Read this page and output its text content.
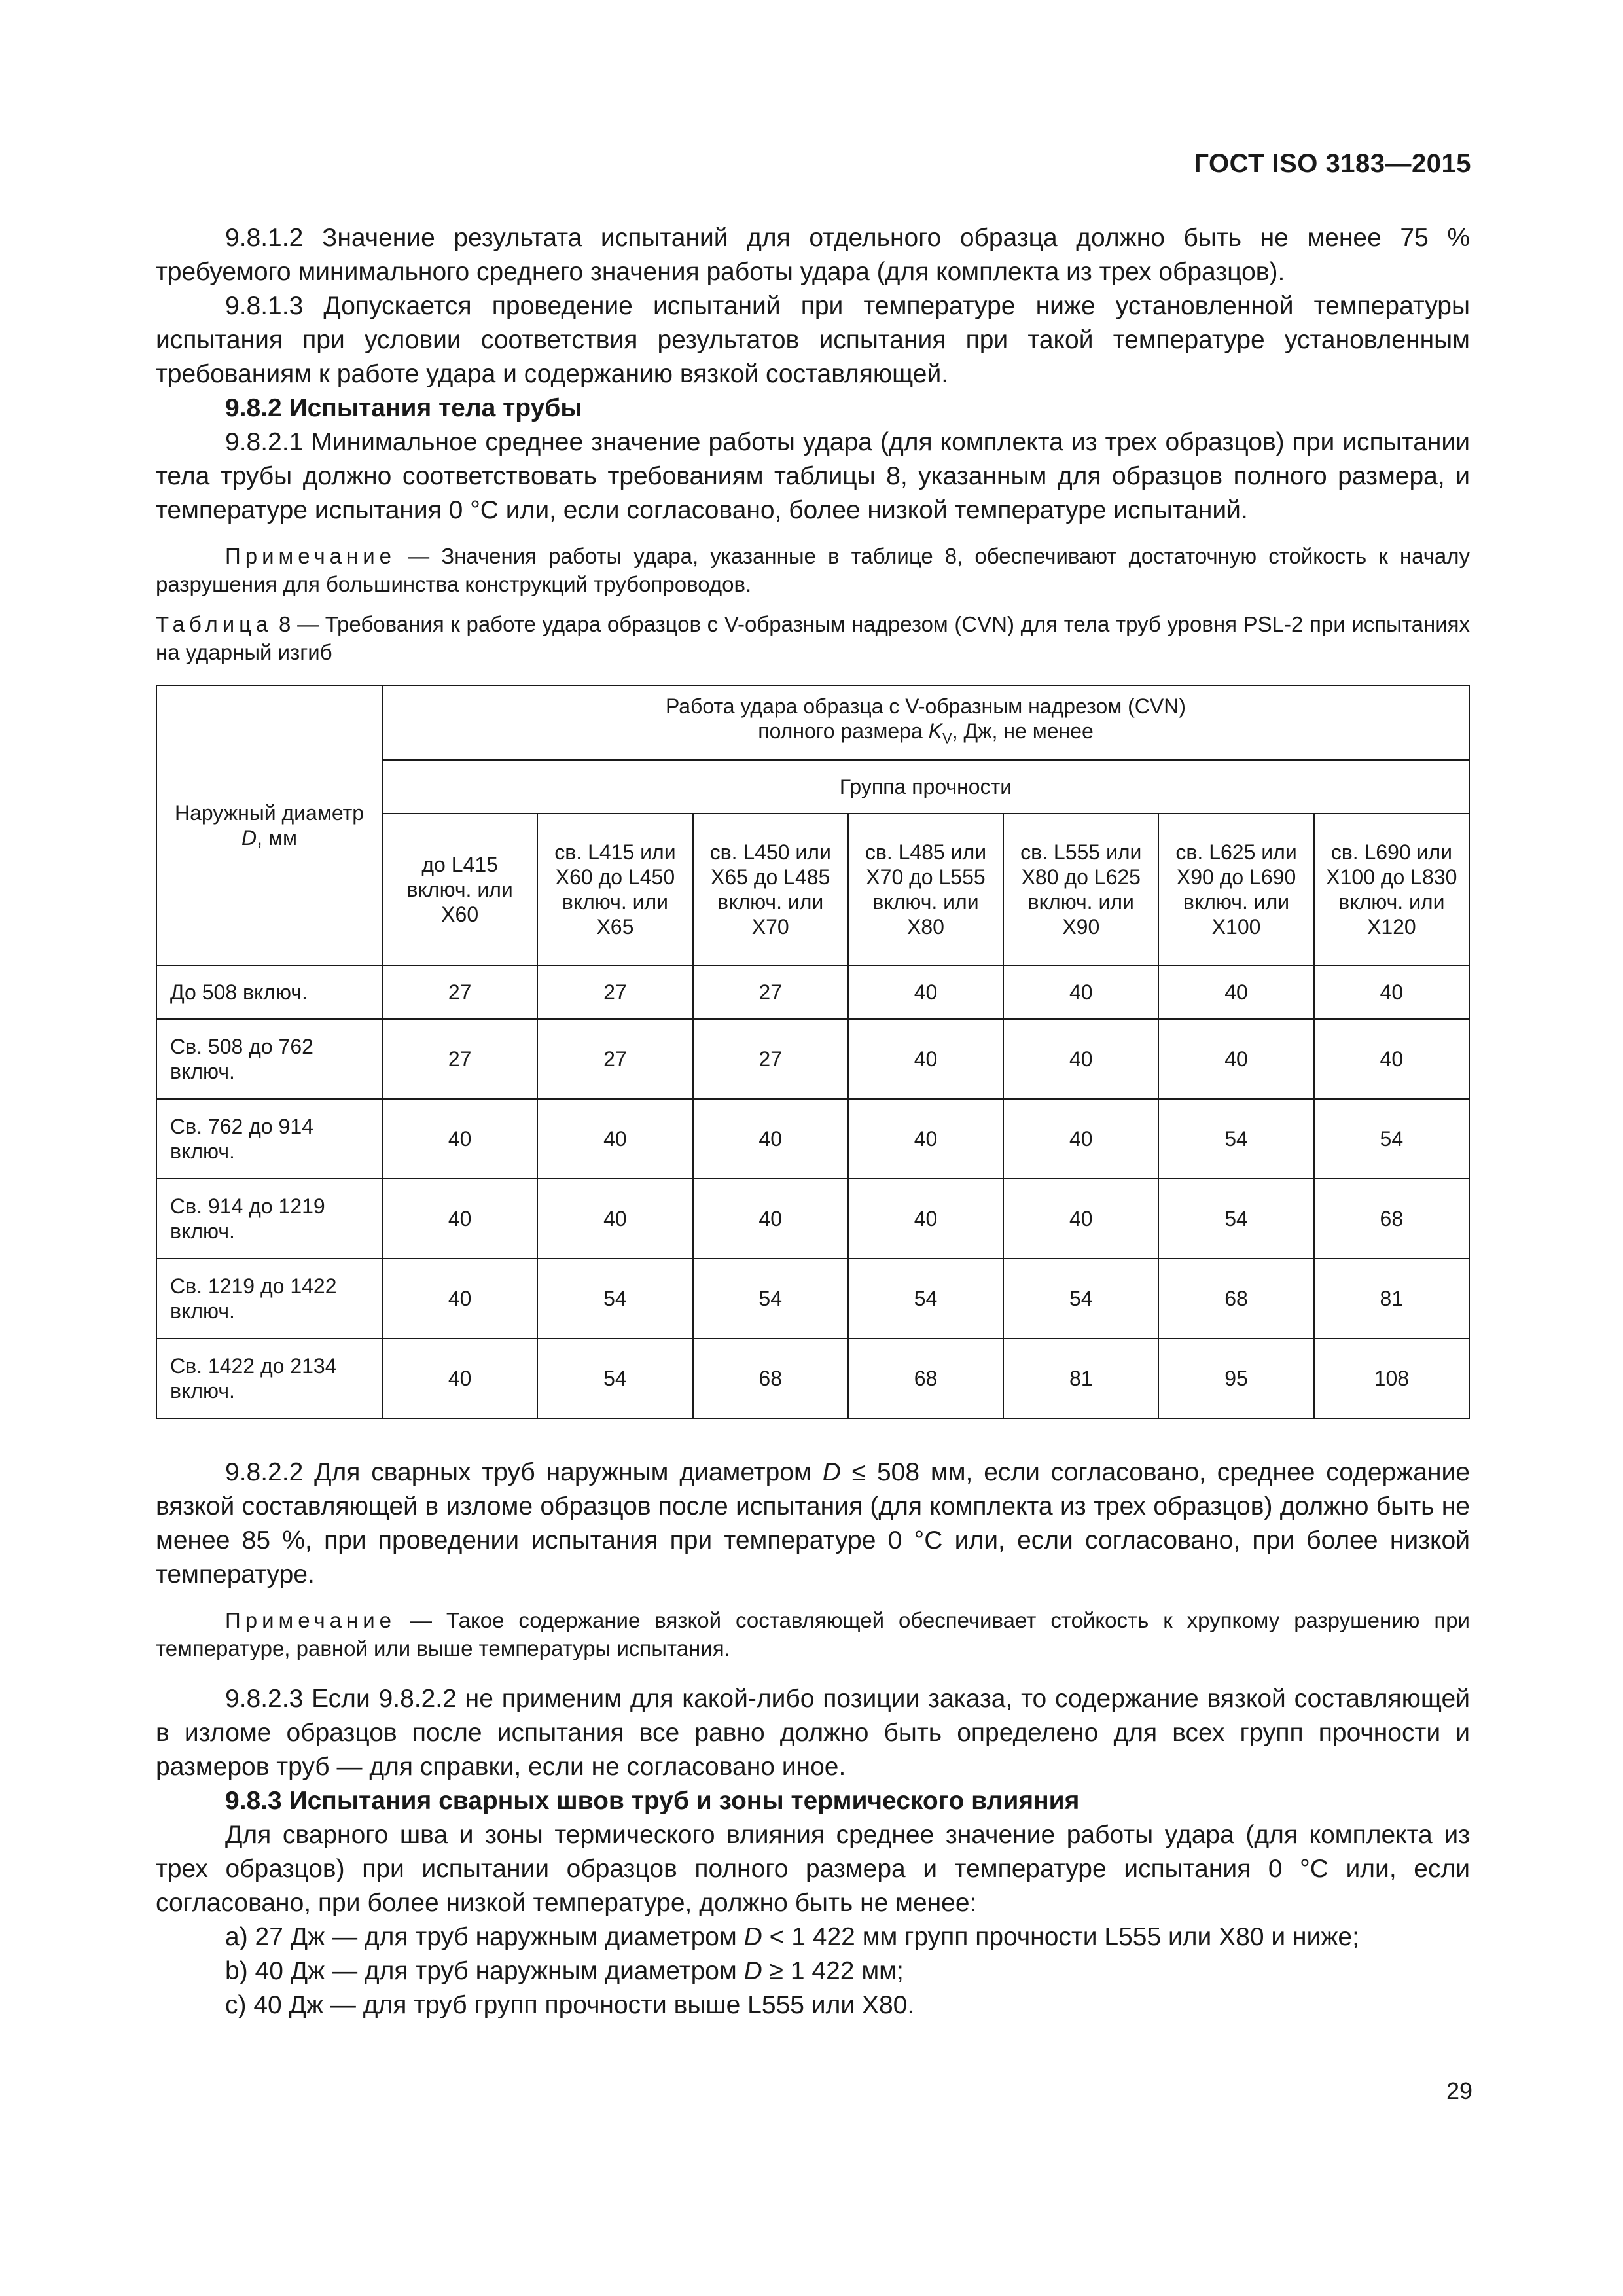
ГОСТ ISO 3183—2015

9.8.1.2 Значение результата испытаний для отдельного образца должно быть не менее 75 % требуемого минимального среднего значения работы удара (для комплекта из трех образцов).

9.8.1.3 Допускается проведение испытаний при температуре ниже установленной температуры испытания при условии соответствия результатов испытания при такой температуре установленным требованиям к работе удара и содержанию вязкой составляющей.

9.8.2 Испытания тела трубы

9.8.2.1 Минимальное среднее значение работы удара (для комплекта из трех образцов) при испытании тела трубы должно соответствовать требованиям таблицы 8, указанным для образцов полного размера, и температуре испытания 0 °С или, если согласовано, более низкой температуре испытаний.

Примечание — Значения работы удара, указанные в таблице 8, обеспечивают достаточную стойкость к началу разрушения для большинства конструкций трубопроводов.

Таблица 8 — Требования к работе удара образцов с V-образным надрезом (CVN) для тела труб уровня PSL-2 при испытаниях на ударный изгиб

Наружный диаметр D, мм	Работа удара образца с V-образным надрезом (CVN)
полного размера $K_V$, Дж, не менее						
	Группа прочности						
	до L415 включ. или X60	св. L415 или X60 до L450 включ. или X65	св. L450 или X65 до L485 включ. или X70	св. L485 или X70 до L555 включ. или X80	св. L555 или X80 до L625 включ. или X90	св. L625 или X90 до L690 включ. или X100	св. L690 или X100 до L830 включ. или X120
До 508 включ.	27	27	27	40	40	40	40
Св. 508 до 762 включ.	27	27	27	40	40	40	40
Св. 762 до 914 включ.	40	40	40	40	40	54	54
Св. 914 до 1219 включ.	40	40	40	40	40	54	68
Св. 1219 до 1422 включ.	40	54	54	54	54	68	81
Св. 1422 до 2134 включ.	40	54	68	68	81	95	108

9.8.2.2 Для сварных труб наружным диаметром D ≤ 508 мм, если согласовано, среднее содержание вязкой составляющей в изломе образцов после испытания (для комплекта из трех образцов) должно быть не менее 85 %, при проведении испытания при температуре 0 °С или, если согласовано, при более низкой температуре.

Примечание — Такое содержание вязкой составляющей обеспечивает стойкость к хрупкому разрушению при температуре, равной или выше температуры испытания.

9.8.2.3 Если 9.8.2.2 не применим для какой-либо позиции заказа, то содержание вязкой составляющей в изломе образцов после испытания все равно должно быть определено для всех групп прочности и размеров труб — для справки, если не согласовано иное.

9.8.3 Испытания сварных швов труб и зоны термического влияния

Для сварного шва и зоны термического влияния среднее значение работы удара (для комплекта из трех образцов) при испытании образцов полного размера и температуре испытания 0 °С или, если согласовано, при более низкой температуре, должно быть не менее:

a) 27 Дж — для труб наружным диаметром D < 1 422 мм групп прочности L555 или X80 и ниже;

b) 40 Дж — для труб наружным диаметром D ≥ 1 422 мм;

c) 40 Дж — для труб групп прочности выше L555 или X80.

29
